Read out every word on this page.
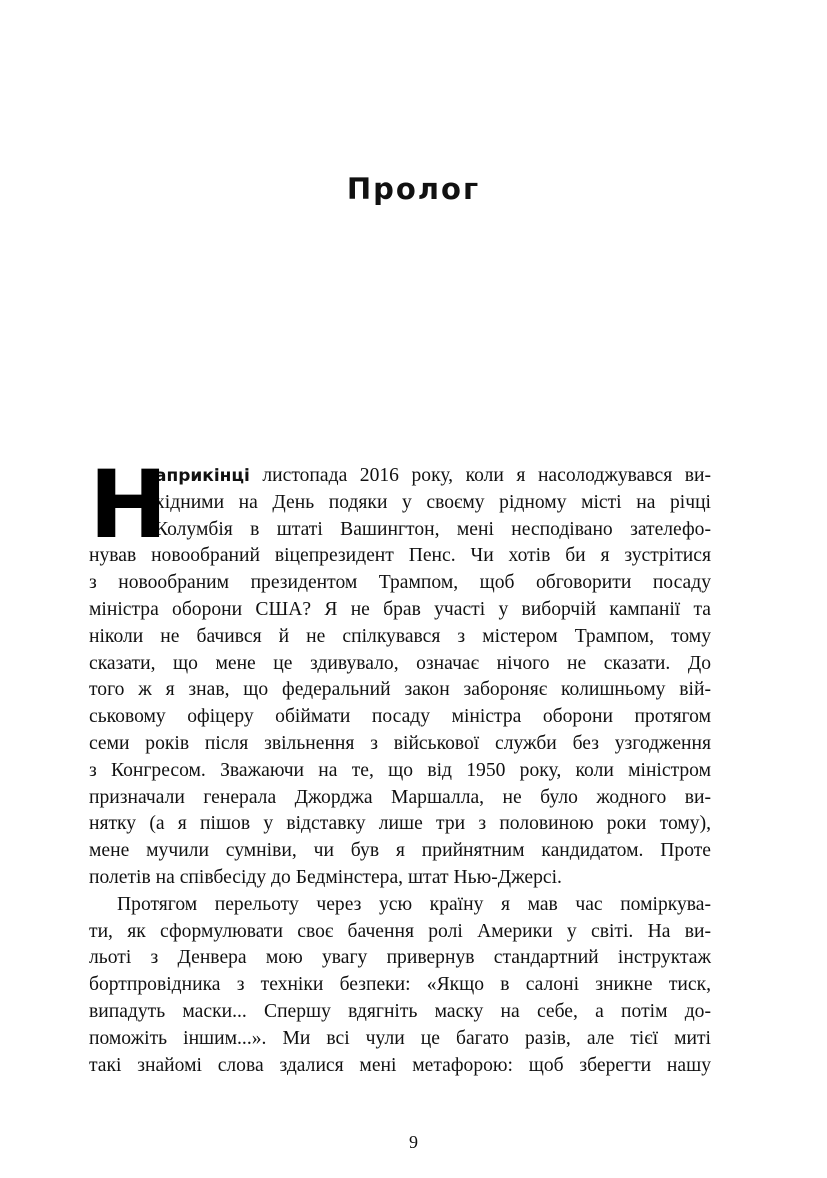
Пролог
Н
априкінці листопада 2016 року, коли я насолоджувався ви-
хідними на День подяки у своєму рідному місті на річці
Колумбія в штаті Вашингтон, мені несподівано зателефо-
нував новообраний віцепрезидент Пенс. Чи хотів би я зустрітися
з новообраним президентом Трампом, щоб обговорити посаду
міністра оборони США? Я не брав участі у виборчій кампанії та
ніколи не бачився й не спілкувався з містером Трампом, тому
сказати, що мене це здивувало, означає нічого не сказати. До
того ж я знав, що федеральний закон забороняє колишньому вій-
ськовому офіцеру обіймати посаду міністра оборони протягом
семи років після звільнення з військової служби без узгодження
з Конгресом. Зважаючи на те, що від 1950 року, коли міністром
призначали генерала Джорджа Маршалла, не було жодного ви-
нятку (а я пішов у відставку лише три з половиною роки тому),
мене мучили сумніви, чи був я прийнятним кандидатом. Проте
полетів на співбесіду до Бедмінстера, штат Нью-Джерсі.
Протягом перельоту через усю країну я мав час поміркува-
ти, як сформулювати своє бачення ролі Америки у світі. На ви-
льоті з Денвера мою увагу привернув стандартний інструктаж
бортпровідника з техніки безпеки: «Якщо в салоні зникне тиск,
випадуть маски... Спершу вдягніть маску на себе, а потім до-
поможіть іншим...». Ми всі чули це багато разів, але тієї миті
такі знайомі слова здалися мені метафорою: щоб зберегти нашу
9
